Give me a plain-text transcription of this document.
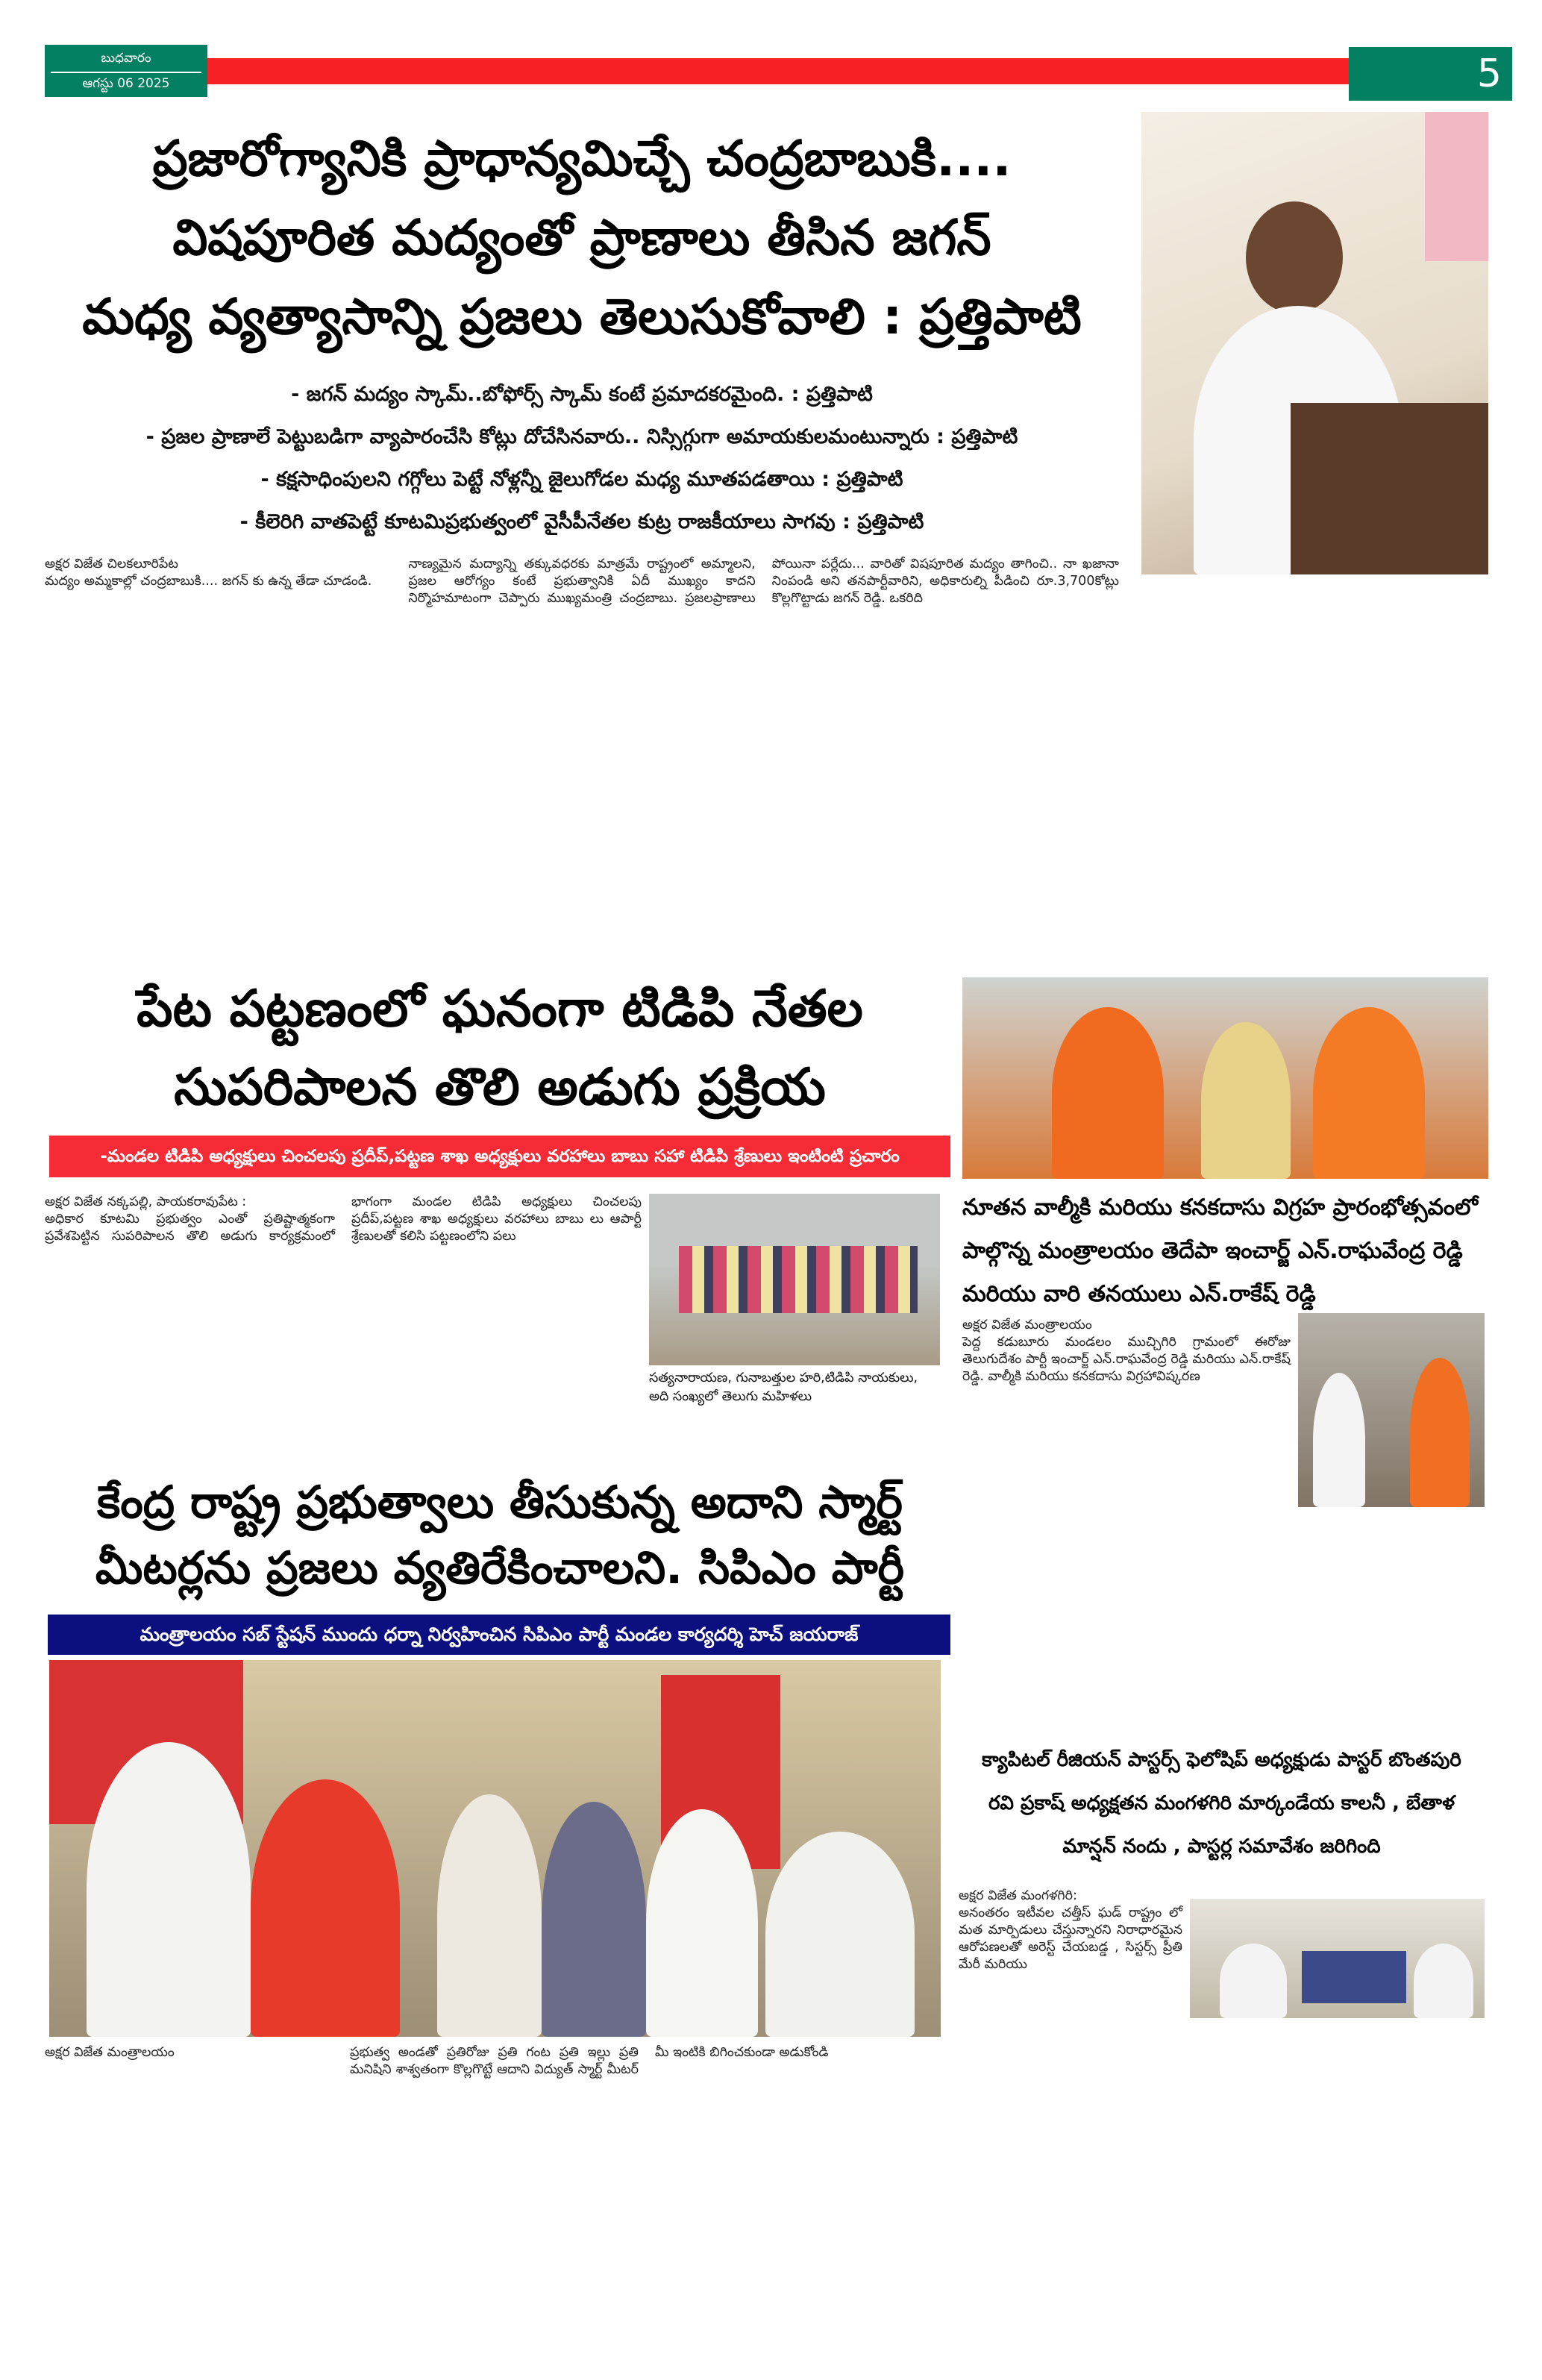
బుధవారం
ఆగస్టు 06 2025	5
ప్రజారోగ్యానికి ప్రాధాన్యమిచ్చే చంద్రబాబుకి....
విషపూరిత మద్యంతో ప్రాణాలు తీసిన జగన్
మధ్య వ్యత్యాసాన్ని ప్రజలు తెలుసుకోవాలి : ప్రత్తిపాటి
- జగన్ మద్యం స్కామ్..బోఫోర్స్ స్కామ్ కంటే ప్రమాదకరమైంది. : ప్రత్తిపాటి
- ప్రజల ప్రాణాలే పెట్టుబడిగా వ్యాపారంచేసి కోట్లు దోచేసినవారు.. నిస్సిగ్గుగా అమాయకులమంటున్నారు : ప్రత్తిపాటి
- కక్షసాధింపులని గగ్గోలు పెట్టే నోళ్లన్నీ జైలుగోడల మధ్య మూతపడతాయి : ప్రత్తిపాటి
- కీలెరిగి వాతపెట్టే కూటమిప్రభుత్వంలో వైసీపీనేతల కుట్ర రాజకీయాలు సాగవు : ప్రత్తిపాటి

అక్షర విజేత చిలకలూరిపేట

మద్యం అమ్మకాల్లో చంద్రబాబుకి.... జగన్ కు ఉన్న తేడా చూడండి.

నాణ్యమైన మద్యాన్ని తక్కువధరకు మాత్రమే రాష్ట్రంలో అమ్మాలని, ప్రజల ఆరోగ్యం కంటే ప్రభుత్వానికి ఏదీ ముఖ్యం కాదని నిర్మొహమాటంగా చెప్పారు ముఖ్యమంత్రి చంద్రబాబు. ప్రజలప్రాణాలు పోయినా పర్లేదు... వారితో విషపూరిత మద్యం తాగించి.. నా ఖజానా నింపండి అని తనపార్టీవారిని, అధికారుల్ని పీడించి రూ.3,700కోట్లు కొల్లగొట్టాడు జగన్ రెడ్డి. ఒకరిది

పేట పట్టణంలో ఘనంగా టిడిపి నేతల
సుపరిపాలన తొలి అడుగు ప్రక్రియ
-మండల టిడిపి అధ్యక్షులు చించలపు ప్రదీప్,పట్టణ శాఖ అధ్యక్షులు వరహాలు బాబు సహా టిడిపి శ్రేణులు ఇంటింటి ప్రచారం

అక్షర విజేత నక్కపల్లి, పాయకరావుపేట :

అధికార కూటమి ప్రభుత్వం ఎంతో ప్రతిష్టాత్మకంగా ప్రవేశపెట్టిన సుపరిపాలన తొలి అడుగు కార్యక్రమంలో భాగంగా మండల టిడిపి అధ్యక్షులు చించలపు ప్రదీప్,పట్టణ శాఖ అధ్యక్షులు వరహాలు బాబు లు ఆపార్టీ శ్రేణులతో కలిసి పట్టణంలోని పలు

సత్యనారాయణ, గునాబత్తుల హరి,టిడిపి నాయకులు, అది సంఖ్యలో తెలుగు మహిళలు
నూతన వాల్మీకి మరియు కనకదాసు విగ్రహ ప్రారంభోత్సవంలో
పాల్గొన్న మంత్రాలయం తెదేపా ఇంచార్జ్ ఎన్.రాఘవేంద్ర రెడ్డి
మరియు వారి తనయులు ఎన్.రాకేష్ రెడ్డి

అక్షర విజేత మంత్రాలయం

పెద్ద కడుబూరు మండలం ముచ్చిగిరి గ్రామంలో ఈరోజు తెలుగుదేశం పార్టీ ఇంచార్జ్ ఎన్.రాఘవేంద్ర రెడ్డి మరియు ఎన్.రాకేష్ రెడ్డి. వాల్మీకి మరియు కనకదాసు విగ్రహావిష్కరణ

కేంద్ర రాష్ట్ర ప్రభుత్వాలు తీసుకున్న అదాని స్మార్ట్
మీటర్లను ప్రజలు వ్యతిరేకించాలని. సిపిఎం పార్టీ
మంత్రాలయం సబ్ స్టేషన్ ముందు ధర్నా నిర్వహించిన సిపిఎం పార్టీ మండల కార్యదర్శి హెచ్ జయరాజ్

అక్షర విజేత మంత్రాలయం	ప్రభుత్వ అండతో ప్రతిరోజు ప్రతి గంట ప్రతి ఇల్లు ప్రతి మనిషిని శాశ్వతంగా కొల్లగొట్టే ఆదాని విద్యుత్ స్మార్ట్ మీటర్ మీ ఇంటికి బిగించకుండా అడుకోండి

క్యాపిటల్ రీజియన్ పాస్టర్స్ ఫెలోషిప్ అధ్యక్షుడు పాస్టర్ బొంతపురి
రవి ప్రకాష్ అధ్యక్షతన మంగళగిరి మార్కండేయ కాలనీ , బేతాళ
మాన్షన్ నందు , పాస్టర్ల సమావేశం జరిగింది

అక్షర విజేత మంగళగిరి:

అనంతరం ఇటీవల చత్తీస్ ఘడ్ రాష్ట్రం లో మత మార్పిడులు చేస్తున్నారని నిరాధారమైన ఆరోపణలతో అరెస్ట్ చేయబడ్డ , సిస్టర్స్ ప్రీతి మేరీ మరియు
